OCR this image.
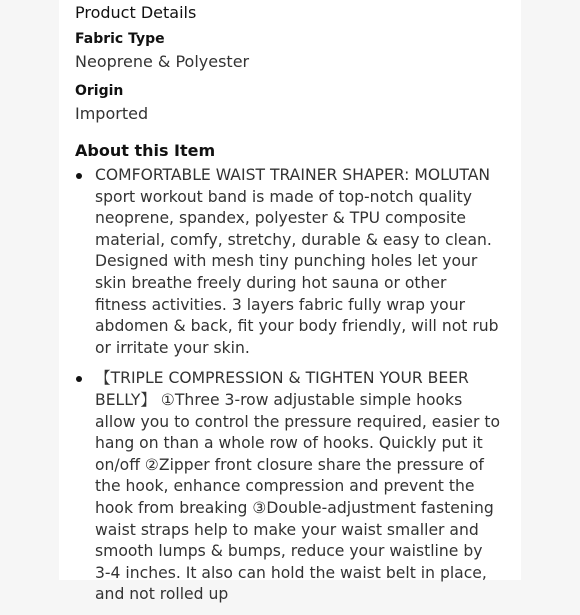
Product Details
Fabric Type
Neoprene & Polyester
Origin
Imported
About this Item
COMFORTABLE WAIST TRAINER SHAPER: MOLUTAN sport workout band is made of top-notch quality neoprene, spandex, polyester & TPU composite material, comfy, stretchy, durable & easy to clean. Designed with mesh tiny punching holes let your skin breathe freely during hot sauna or other fitness activities. 3 layers fabric fully wrap your abdomen & back, fit your body friendly, will not rub or irritate your skin.
【TRIPLE COMPRESSION & TIGHTEN YOUR BEER BELLY】 ①Three 3-row adjustable simple hooks allow you to control the pressure required, easier to hang on than a whole row of hooks. Quickly put it on/off ②Zipper front closure share the pressure of the hook, enhance compression and prevent the hook from breaking ③Double-adjustment fastening waist straps help to make your waist smaller and smooth lumps & bumps, reduce your waistline by 3-4 inches. It also can hold the waist belt in place, and not rolled up
